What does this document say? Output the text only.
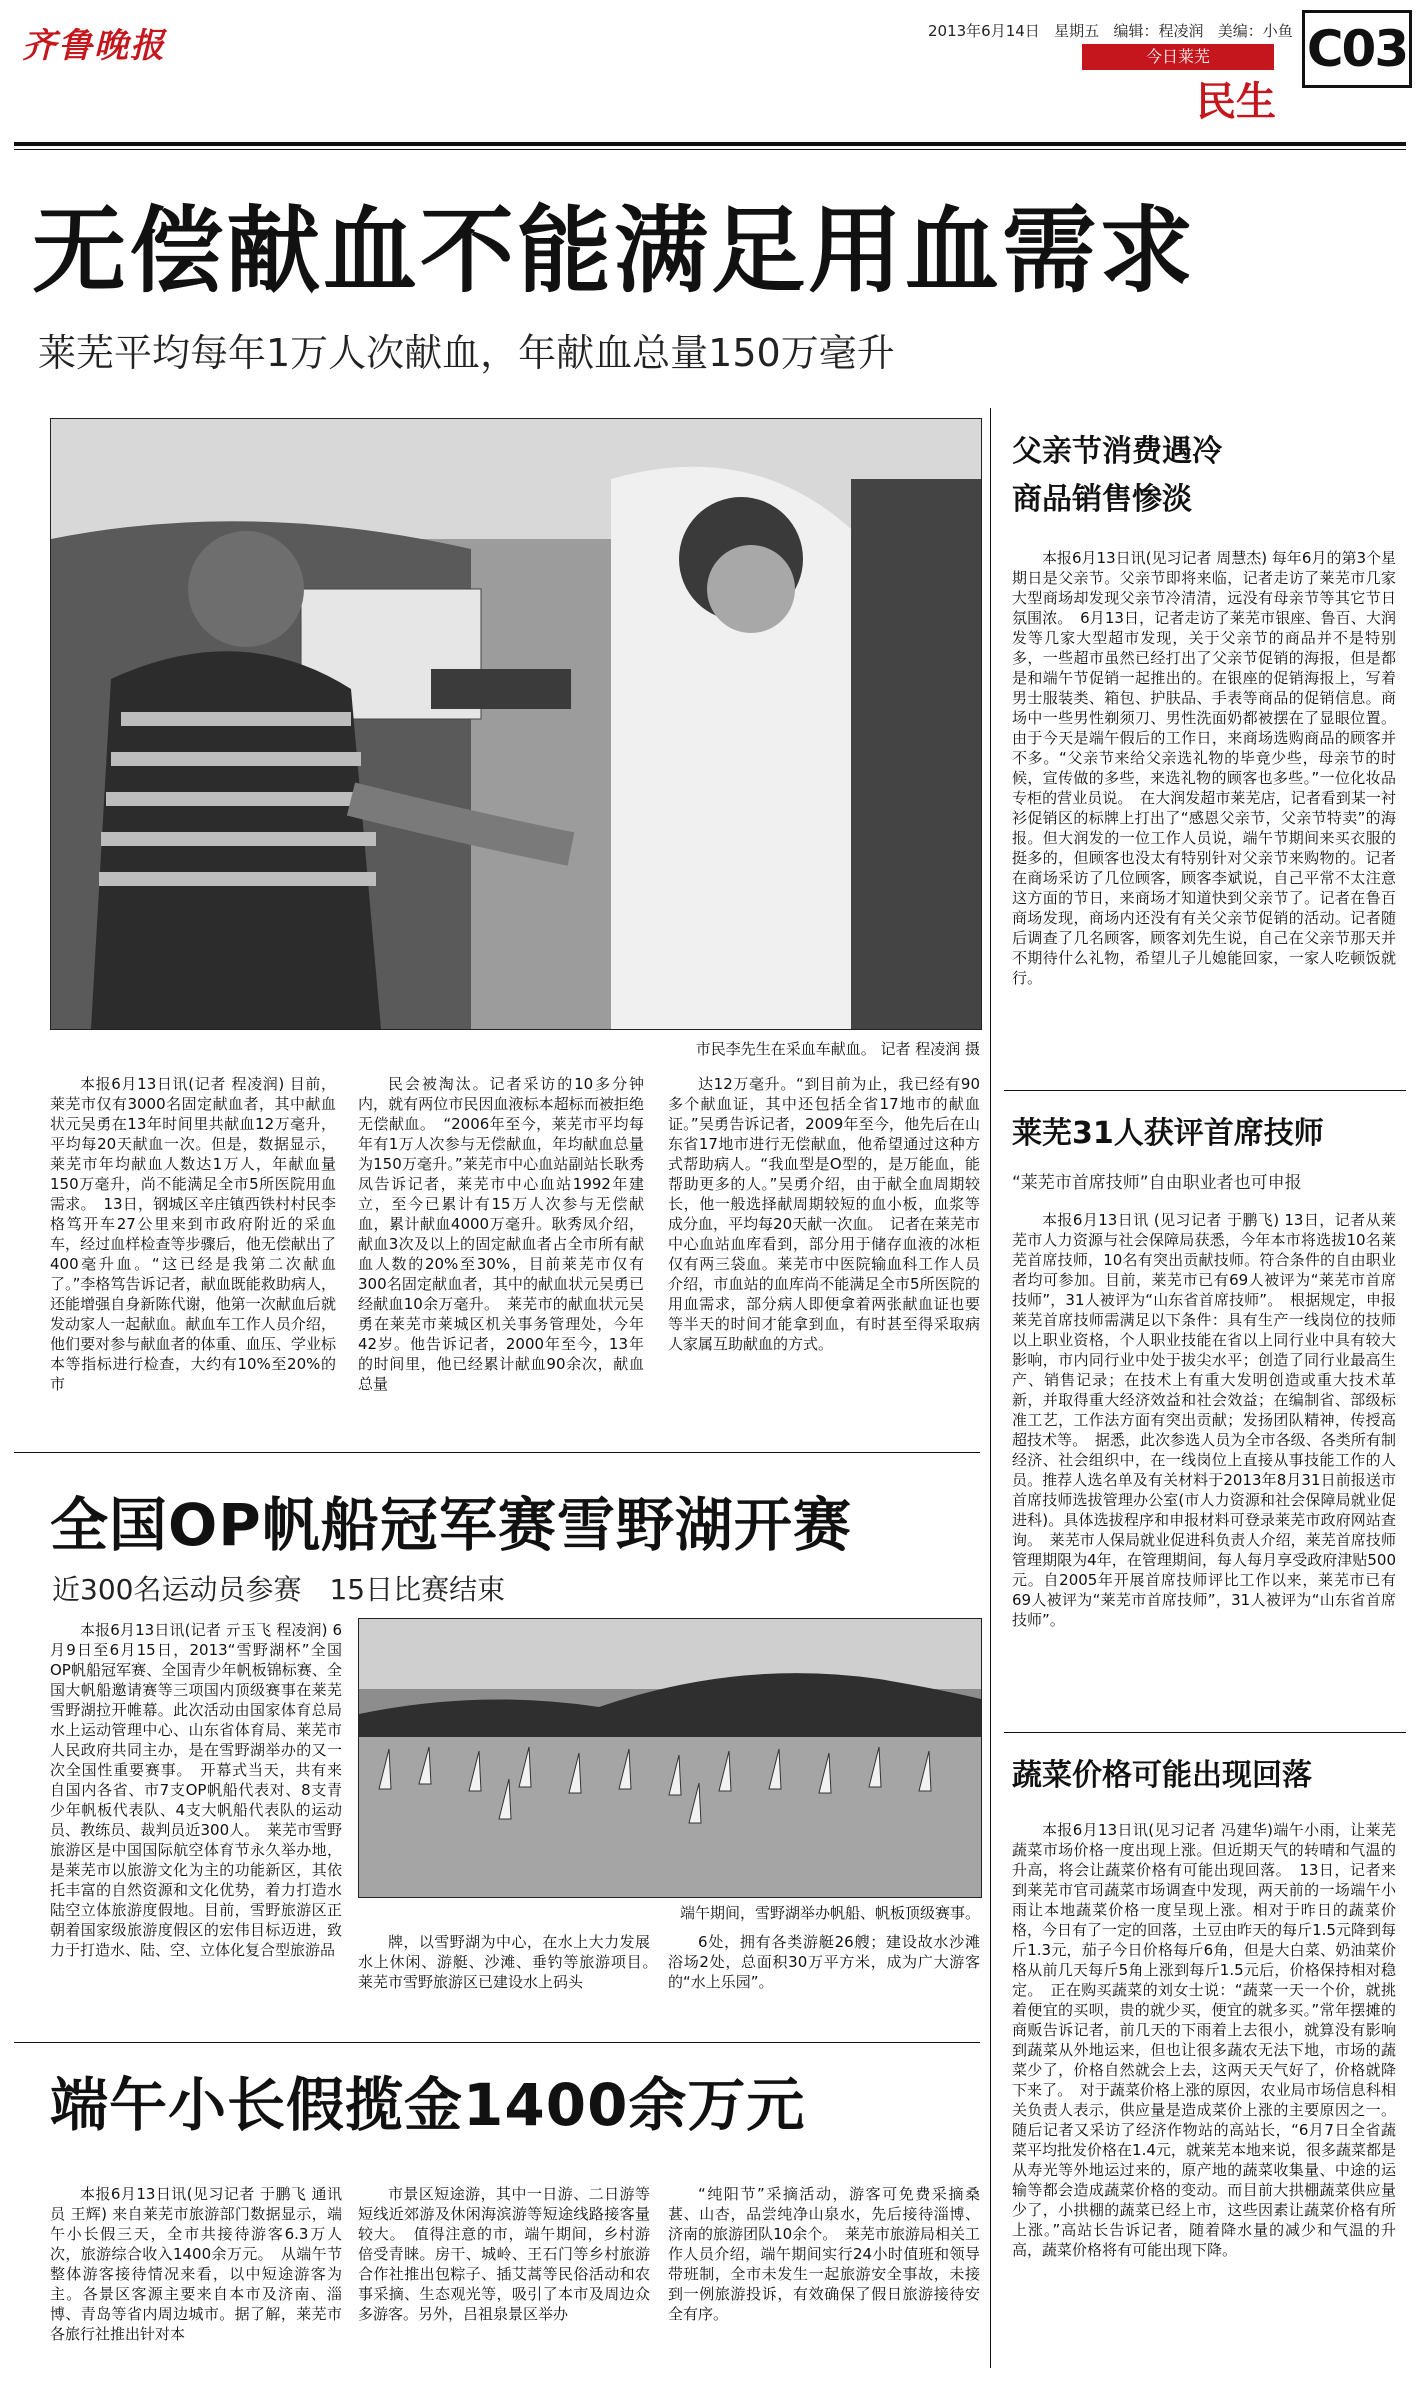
齐鲁晚报	2013年6月14日 星期五 编辑：程凌润 美编：小鱼
今日莱芜
民生
C03
无偿献血不能满足用血需求
莱芜平均每年1万人次献血，年献血总量150万毫升
市民李先生在采血车献血。 记者 程凌润 摄

本报6月13日讯(记者 程凌润) 目前，莱芜市仅有3000名固定献血者，其中献血状元吴勇在13年时间里共献血12万毫升，平均每20天献血一次。但是，数据显示，莱芜市年均献血人数达1万人，年献血量150万毫升，尚不能满足全市5所医院用血需求。　13日，钢城区辛庄镇西铁村村民李格笃开车27公里来到市政府附近的采血车，经过血样检查等步骤后，他无偿献出了400毫升血。“这已经是我第二次献血了。”李格笃告诉记者，献血既能救助病人，还能增强自身新陈代谢，他第一次献血后就发动家人一起献血。献血车工作人员介绍，他们要对参与献血者的体重、血压、学业标本等指标进行检查，大约有10%至20%的市

民会被淘汰。记者采访的10多分钟内，就有两位市民因血液标本超标而被拒绝无偿献血。　“2006年至今，莱芜市平均每年有1万人次参与无偿献血，年均献血总量为150万毫升。”莱芜市中心血站副站长耿秀凤告诉记者，莱芜市中心血站1992年建立，至今已累计有15万人次参与无偿献血，累计献血4000万毫升。耿秀凤介绍，献血3次及以上的固定献血者占全市所有献血人数的20%至30%，目前莱芜市仅有300名固定献血者，其中的献血状元吴勇已经献血10余万毫升。　莱芜市的献血状元吴勇在莱芜市莱城区机关事务管理处，今年42岁。他告诉记者，2000年至今，13年的时间里，他已经累计献血90余次，献血总量

达12万毫升。“到目前为止，我已经有90多个献血证，其中还包括全省17地市的献血证。”吴勇告诉记者，2009年至今，他先后在山东省17地市进行无偿献血，他希望通过这种方式帮助病人。“我血型是O型的，是万能血，能帮助更多的人。”吴勇介绍，由于献全血周期较长，他一般选择献周期较短的血小板，血浆等成分血，平均每20天献一次血。　记者在莱芜市中心血站血库看到，部分用于储存血液的冰柜仅有两三袋血。莱芜市中医院输血科工作人员介绍，市血站的血库尚不能满足全市5所医院的用血需求，部分病人即便拿着两张献血证也要等半天的时间才能拿到血，有时甚至得采取病人家属互助献血的方式。

全国OP帆船冠军赛雪野湖开赛
近300名运动员参赛　15日比赛结束

本报6月13日讯(记者 亓玉飞 程凌润) 6月9日至6月15日，2013“雪野湖杯”全国OP帆船冠军赛、全国青少年帆板锦标赛、全国大帆船邀请赛等三项国内顶级赛事在莱芜雪野湖拉开帷幕。此次活动由国家体育总局水上运动管理中心、山东省体育局、莱芜市人民政府共同主办，是在雪野湖举办的又一次全国性重要赛事。　开幕式当天，共有来自国内各省、市7支OP帆船代表对、8支青少年帆板代表队、4支大帆船代表队的运动员、教练员、裁判员近300人。　莱芜市雪野旅游区是中国国际航空体育节永久举办地，是莱芜市以旅游文化为主的功能新区，其依托丰富的自然资源和文化优势，着力打造水陆空立体旅游度假地。目前，雪野旅游区正朝着国家级旅游度假区的宏伟目标迈进，致力于打造水、陆、空、立体化复合型旅游品

端午期间，雪野湖举办帆船、帆板顶级赛事。

牌，以雪野湖为中心，在水上大力发展水上休闲、游艇、沙滩、垂钓等旅游项目。　莱芜市雪野旅游区已建设水上码头

6处，拥有各类游艇26艘；建设故水沙滩浴场2处，总面积30万平方米，成为广大游客的“水上乐园”。

端午小长假揽金1400余万元

本报6月13日讯(见习记者 于鹏飞 通讯员 王辉) 来自莱芜市旅游部门数据显示，端午小长假三天，全市共接待游客6.3万人次，旅游综合收入1400余万元。　从端午节整体游客接待情况来看，以中短途游客为主。各景区客源主要来自本市及济南、淄博、青岛等省内周边城市。据了解，莱芜市各旅行社推出针对本

市景区短途游，其中一日游、二日游等短线近郊游及休闲海滨游等短途线路接客量较大。　值得注意的市，端午期间，乡村游倍受青睐。房干、城岭、王石门等乡村旅游合作社推出包粽子、插艾蒿等民俗活动和农事采摘、生态观光等，吸引了本市及周边众多游客。另外，吕祖泉景区举办

“纯阳节”采摘活动，游客可免费采摘桑葚、山杏，品尝纯净山泉水，先后接待淄博、济南的旅游团队10余个。　莱芜市旅游局相关工作人员介绍，端午期间实行24小时值班和领导带班制，全市未发生一起旅游安全事故，未接到一例旅游投诉，有效确保了假日旅游接待安全有序。

父亲节消费遇冷
商品销售惨淡

本报6月13日讯(见习记者 周慧杰) 每年6月的第3个星期日是父亲节。父亲节即将来临，记者走访了莱芜市几家大型商场却发现父亲节冷清清，远没有母亲节等其它节日氛围浓。　6月13日，记者走访了莱芜市银座、鲁百、大润发等几家大型超市发现，关于父亲节的商品并不是特别多，一些超市虽然已经打出了父亲节促销的海报，但是都是和端午节促销一起推出的。在银座的促销海报上，写着男士服装类、箱包、护肤品、手表等商品的促销信息。商场中一些男性剃须刀、男性洗面奶都被摆在了显眼位置。由于今天是端午假后的工作日，来商场选购商品的顾客并不多。“父亲节来给父亲选礼物的毕竟少些，母亲节的时候，宣传做的多些，来选礼物的顾客也多些。”一位化妆品专柜的营业员说。　在大润发超市莱芜店，记者看到某一衬衫促销区的标牌上打出了“感恩父亲节，父亲节特卖”的海报。但大润发的一位工作人员说，端午节期间来买衣服的挺多的，但顾客也没太有特别针对父亲节来购物的。记者在商场采访了几位顾客，顾客李斌说，自己平常不太注意这方面的节日，来商场才知道快到父亲节了。记者在鲁百商场发现，商场内还没有有关父亲节促销的活动。记者随后调查了几名顾客，顾客刘先生说，自己在父亲节那天并不期待什么礼物，希望儿子儿媳能回家，一家人吃顿饭就行。

莱芜31人获评首席技师
“莱芜市首席技师”自由职业者也可申报

本报6月13日讯 (见习记者 于鹏飞) 13日，记者从莱芜市人力资源与社会保障局获悉，今年本市将选拔10名莱芜首席技师，10名有突出贡献技师。符合条件的自由职业者均可参加。目前，莱芜市已有69人被评为“莱芜市首席技师”，31人被评为“山东省首席技师”。　根据规定，申报莱芜首席技师需满足以下条件：具有生产一线岗位的技师以上职业资格，个人职业技能在省以上同行业中具有较大影响，市内同行业中处于拔尖水平；创造了同行业最高生产、销售记录；在技术上有重大发明创造或重大技术革新，并取得重大经济效益和社会效益；在编制省、部级标准工艺，工作法方面有突出贡献；发扬团队精神，传授高超技术等。　据悉，此次参选人员为全市各级、各类所有制经济、社会组织中，在一线岗位上直接从事技能工作的人员。推荐人选名单及有关材料于2013年8月31日前报送市首席技师选拔管理办公室(市人力资源和社会保障局就业促进科)。具体选拔程序和申报材料可登录莱芜市政府网站查询。　莱芜市人保局就业促进科负责人介绍，莱芜首席技师管理期限为4年，在管理期间，每人每月享受政府津贴500元。自2005年开展首席技师评比工作以来，莱芜市已有69人被评为“莱芜市首席技师”，31人被评为“山东省首席技师”。

蔬菜价格可能出现回落

本报6月13日讯(见习记者 冯建华)端午小雨，让莱芜蔬菜市场价格一度出现上涨。但近期天气的转晴和气温的升高，将会让蔬菜价格有可能出现回落。　13日，记者来到莱芜市官司蔬菜市场调查中发现，两天前的一场端午小雨让本地蔬菜价格一度呈现上涨。相对于昨日的蔬菜价格，今日有了一定的回落，土豆由昨天的每斤1.5元降到每斤1.3元，茄子今日价格每斤6角，但是大白菜、奶油菜价格从前几天每斤5角上涨到每斤1.5元后，价格保持相对稳定。　正在购买蔬菜的刘女士说：“蔬菜一天一个价，就挑着便宜的买呗，贵的就少买，便宜的就多买。”常年摆摊的商贩告诉记者，前几天的下雨着上去很小，就算没有影响到蔬菜从外地运来，但也让很多蔬农无法下地，市场的蔬菜少了，价格自然就会上去，这两天天气好了，价格就降下来了。　对于蔬菜价格上涨的原因，农业局市场信息科相关负责人表示，供应量是造成菜价上涨的主要原因之一。随后记者又采访了经济作物站的高站长，“6月7日全省蔬菜平均批发价格在1.4元，就莱芜本地来说，很多蔬菜都是从寿光等外地运过来的，原产地的蔬菜收集量、中途的运输等都会造成蔬菜价格的变动。而目前大拱棚蔬菜供应量少了，小拱棚的蔬菜已经上市，这些因素让蔬菜价格有所上涨。”高站长告诉记者，随着降水量的减少和气温的升高，蔬菜价格将有可能出现下降。
